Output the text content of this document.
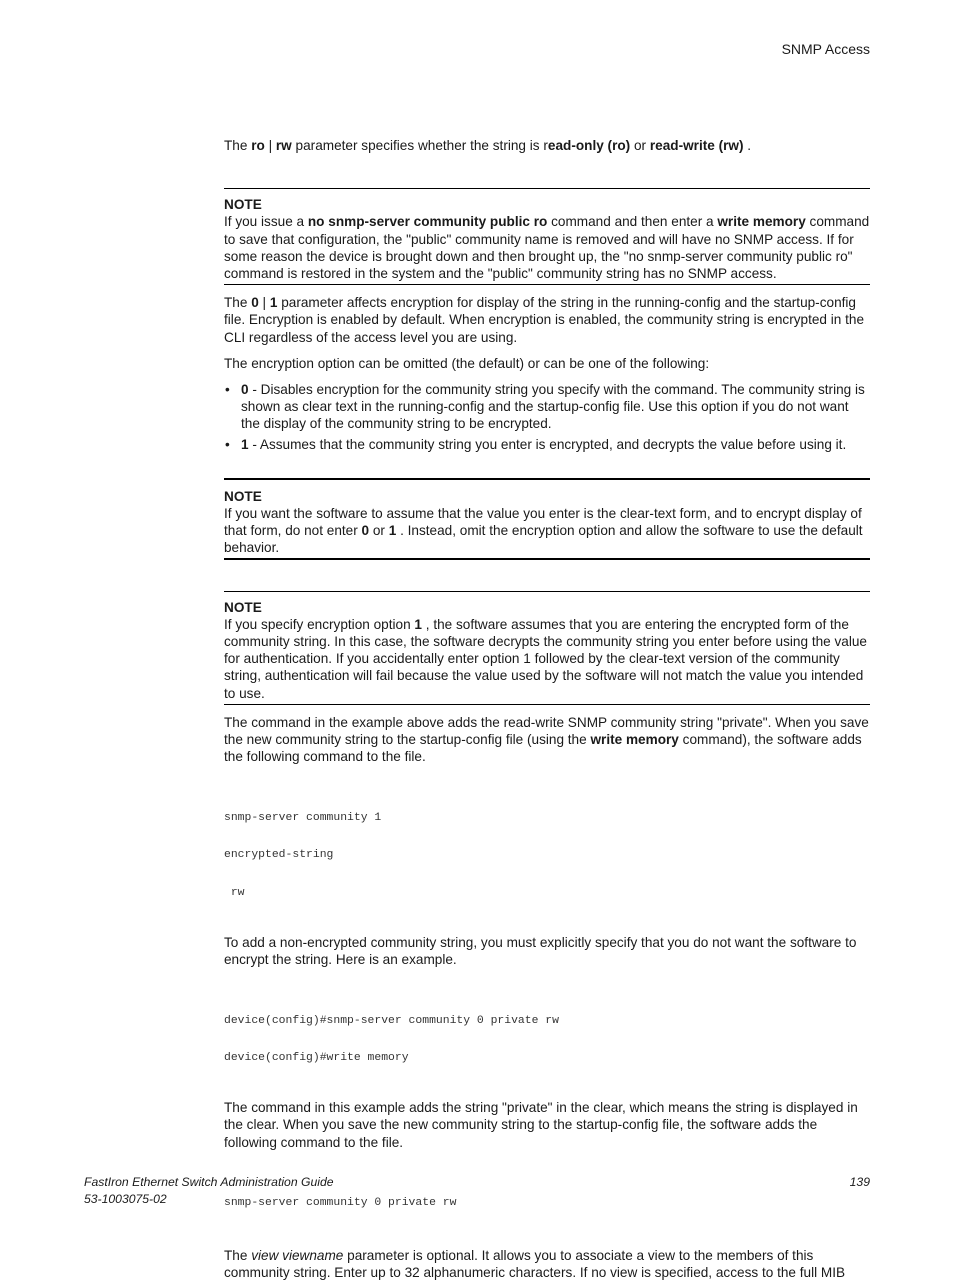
SNMP Access

The ro | rw parameter specifies whether the string is read-only (ro) or read-write (rw) .

NOTE

If you issue a no snmp-server community public ro command and then enter a write memory command to save that configuration, the "public" community name is removed and will have no SNMP access. If for some reason the device is brought down and then brought up, the "no snmp-server community public ro" command is restored in the system and the "public" community string has no SNMP access.

The 0 | 1 parameter affects encryption for display of the string in the running-config and the startup-config file. Encryption is enabled by default. When encryption is enabled, the community string is encrypted in the CLI regardless of the access level you are using.

The encryption option can be omitted (the default) or can be one of the following:

• 0 - Disables encryption for the community string you specify with the command. The community string is shown as clear text in the running-config and the startup-config file. Use this option if you do not want the display of the community string to be encrypted.
• 1 - Assumes that the community string you enter is encrypted, and decrypts the value before using it.
NOTE

If you want the software to assume that the value you enter is the clear-text form, and to encrypt display of that form, do not enter 0 or 1 . Instead, omit the encryption option and allow the software to use the default behavior.

NOTE

If you specify encryption option 1 , the software assumes that you are entering the encrypted form of the community string. In this case, the software decrypts the community string you enter before using the value for authentication. If you accidentally enter option 1 followed by the clear-text version of the community string, authentication will fail because the value used by the software will not match the value you intended to use.

The command in the example above adds the read-write SNMP community string "private". When you save the new community string to the startup-config file (using the write memory command), the software adds the following command to the file.

snmp-server community 1

encrypted-string

rw

To add a non-encrypted community string, you must explicitly specify that you do not want the software to encrypt the string. Here is an example.

device(config)#snmp-server community 0 private rw

device(config)#write memory

The command in this example adds the string "private" in the clear, which means the string is displayed in the clear. When you save the new community string to the startup-config file, the software adds the following command to the file.

snmp-server community 0 private rw

The view viewname parameter is optional. It allows you to associate a view to the members of this community string. Enter up to 32 alphanumeric characters. If no view is specified, access to the full MIB

FastIron Ethernet Switch Administration Guide
53-1003075-02
139
